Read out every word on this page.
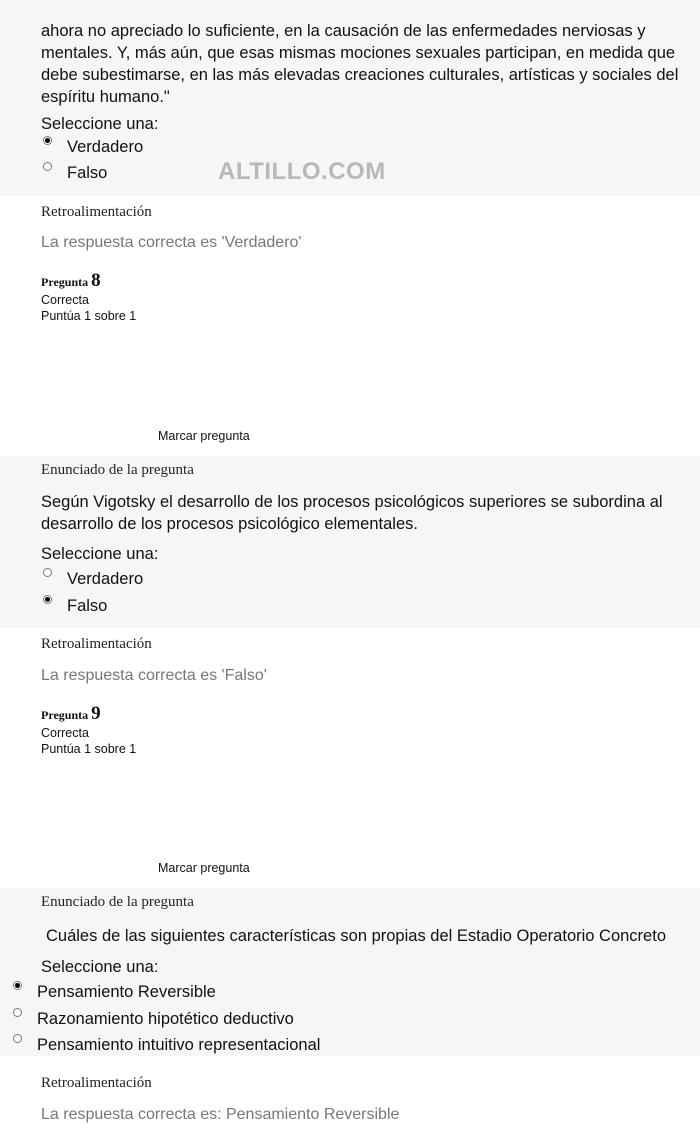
ahora no apreciado lo suficiente, en la causación de las enfermedades nerviosas y mentales. Y, más aún, que esas mismas mociones sexuales participan, en medida que debe subestimarse, en las más elevadas creaciones culturales, artísticas y sociales del espíritu humano."
Seleccione una:
Verdadero
Falso	ALTILLO.COM
Retroalimentación
La respuesta correcta es 'Verdadero'
Pregunta 8
Correcta
Puntúa 1 sobre 1
Marcar pregunta
Enunciado de la pregunta
Según Vigotsky el desarrollo de los procesos psicológicos superiores se subordina al desarrollo de los procesos psicológico elementales.
Seleccione una:
Verdadero
Falso
Retroalimentación
La respuesta correcta es 'Falso'
Pregunta 9
Correcta
Puntúa 1 sobre 1
Marcar pregunta
Enunciado de la pregunta
Cuáles de las siguientes características son propias del Estadio Operatorio Concreto
Seleccione una:
Pensamiento Reversible
Razonamiento hipotético deductivo
Pensamiento intuitivo representacional
Retroalimentación
La respuesta correcta es: Pensamiento Reversible
